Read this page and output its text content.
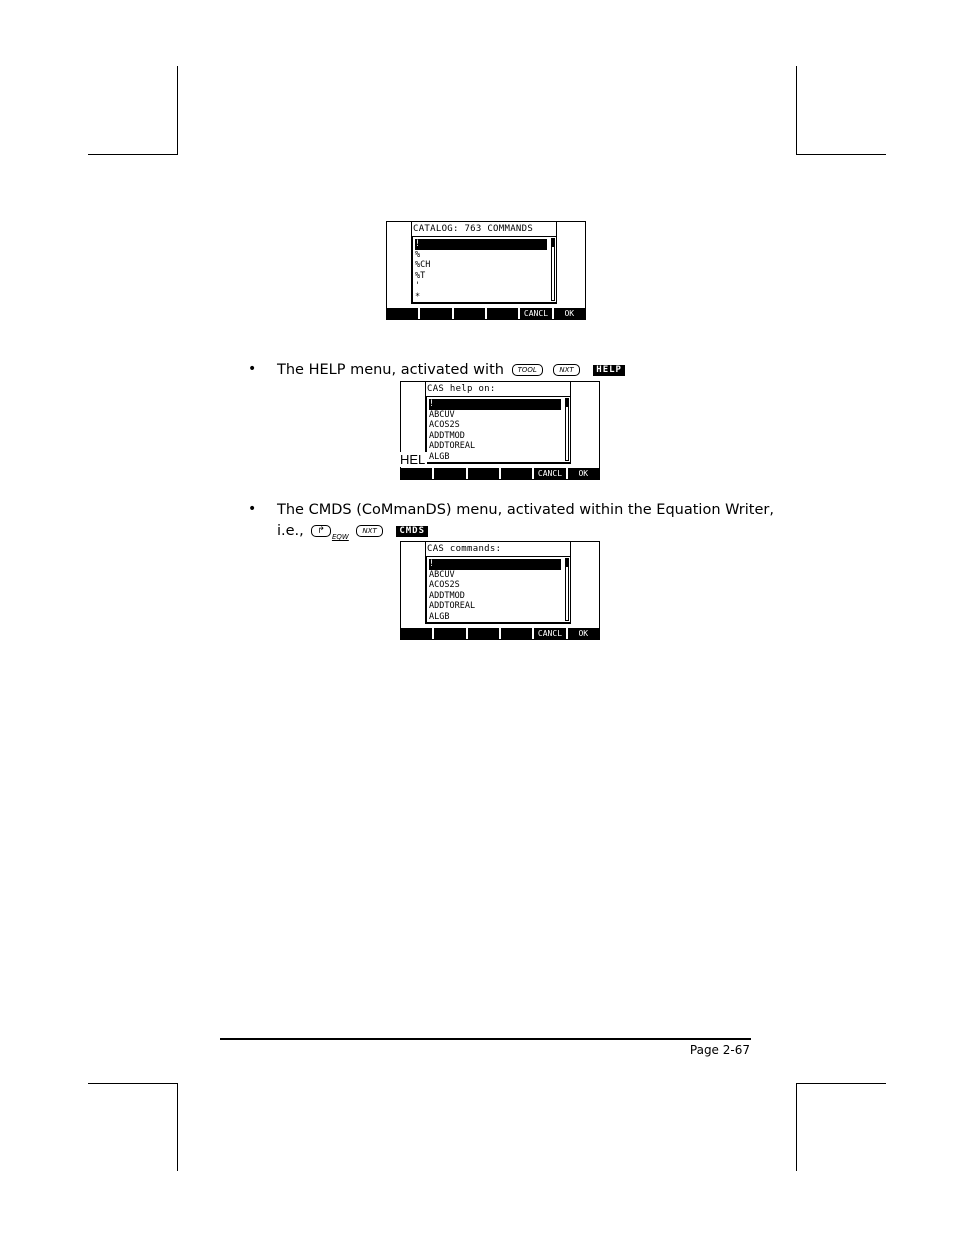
CATALOG: 763 COMMANDS
!
%
%CH
%T
'
*
CANCL	OK
• The HELP menu, activated with TOOL	NXT	HELP
CAS help on:
!
ABCUV
ACOS2S
ADDTMOD
ADDTOREAL
ALGB
CANCL	OK
HEL
• The CMDS (CoMmanDS) menu, activated within the Equation Writer,
i.e., $↱_{EQW}$ NXT	CMDS
CAS commands:
!
ABCUV
ACOS2S
ADDTMOD
ADDTOREAL
ALGB
CANCL	OK
Page 2-67
